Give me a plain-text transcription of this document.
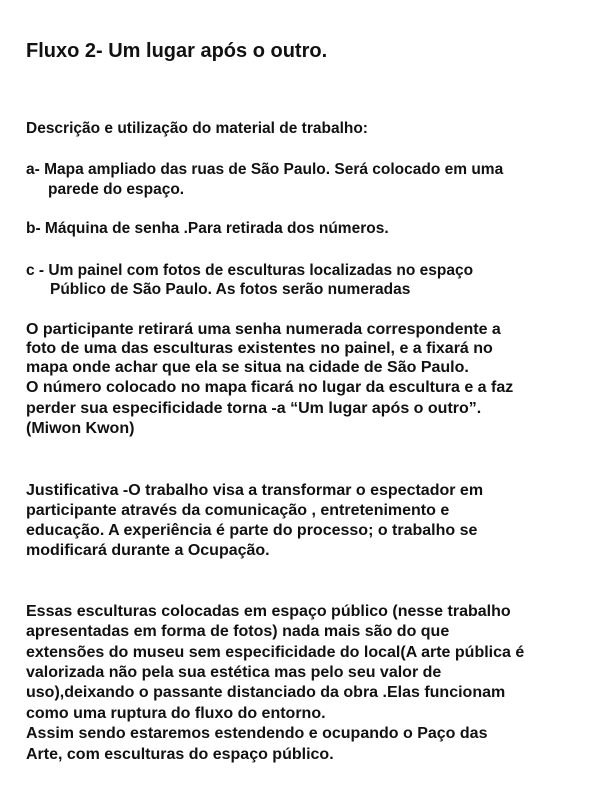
Fluxo 2- Um lugar após o outro.
Descrição e utilização do material de trabalho:
a- Mapa ampliado das ruas de São Paulo. Será colocado em uma
parede do espaço.
b- Máquina de senha .Para retirada dos números.
c - Um painel com fotos de esculturas localizadas no espaço
Público de São Paulo. As fotos serão numeradas
O participante retirará uma senha numerada correspondente a
foto de uma das esculturas existentes no painel, e a fixará no
mapa onde achar que ela se situa na cidade de São Paulo.
O número colocado no mapa ficará no lugar da escultura e a faz
perder sua especificidade torna -a “Um lugar após o outro”.
(Miwon Kwon)
Justificativa -O trabalho visa a transformar o espectador em
participante através da comunicação , entretenimento e
educação. A experiência é parte do processo; o trabalho se
modificará durante a Ocupação.
Essas esculturas colocadas em espaço público (nesse trabalho
apresentadas em forma de fotos) nada mais são do que
extensões do museu sem especificidade do local(A arte pública é
valorizada não pela sua estética mas pelo seu valor de
uso),deixando o passante distanciado da obra .Elas funcionam
como uma ruptura do fluxo do entorno.
Assim sendo estaremos estendendo e ocupando o Paço das
Arte, com esculturas do espaço público.
